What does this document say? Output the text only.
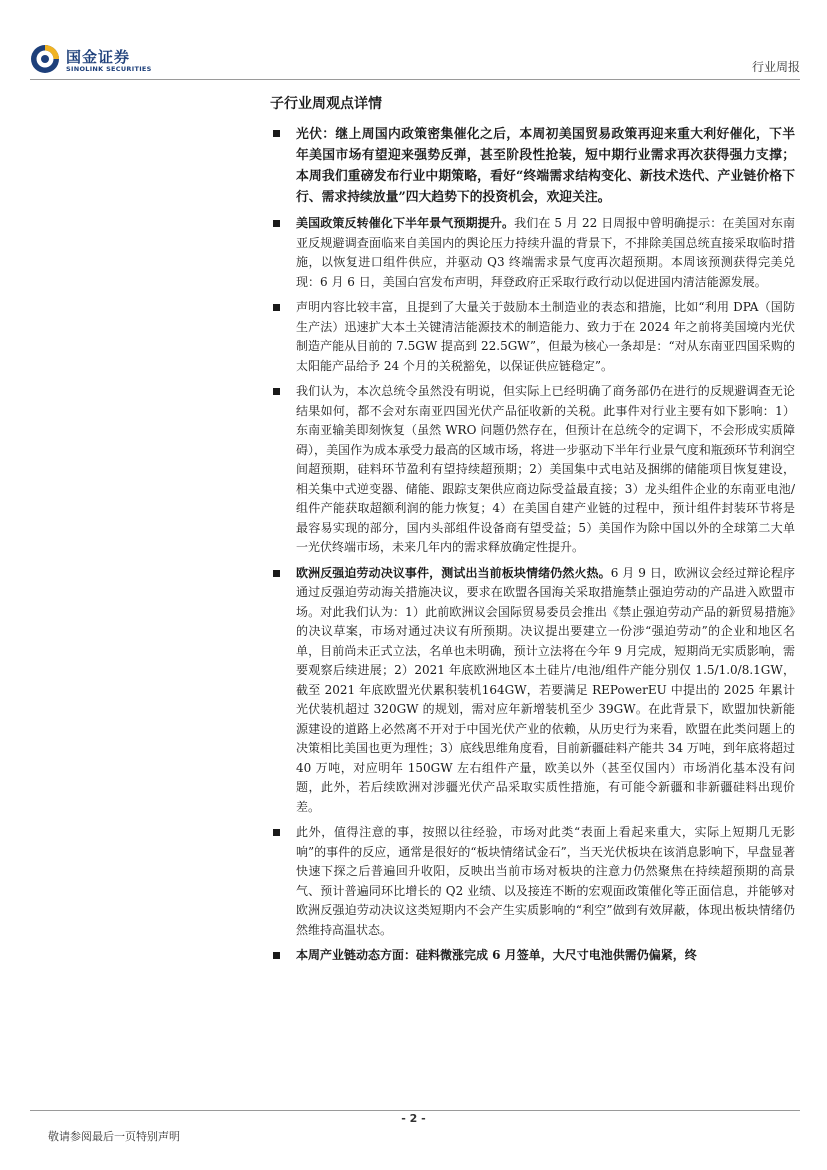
国金证券
SINOLINK SECURITIES	行业周报
子行业周观点详情
光伏：继上周国内政策密集催化之后，本周初美国贸易政策再迎来重大利好催化，下半年美国市场有望迎来强势反弹，甚至阶段性抢装，短中期行业需求再次获得强力支撑；本周我们重磅发布行业中期策略，看好“终端需求结构变化、新技术迭代、产业链价格下行、需求持续放量”四大趋势下的投资机会，欢迎关注。
美国政策反转催化下半年景气预期提升。我们在 5 月 22 日周报中曾明确提示：在美国对东南亚反规避调查面临来自美国内的舆论压力持续升温的背景下，不排除美国总统直接采取临时措施，以恢复进口组件供应，并驱动 Q3 终端需求景气度再次超预期。本周该预测获得完美兑现：6 月 6 日，美国白宫发布声明，拜登政府正采取行政行动以促进国内清洁能源发展。
声明内容比较丰富，且提到了大量关于鼓励本土制造业的表态和措施，比如“利用 DPA（国防生产法）迅速扩大本土关键清洁能源技术的制造能力、致力于在 2024 年之前将美国境内光伏制造产能从目前的 7.5GW 提高到 22.5GW”，但最为核心一条却是：“对从东南亚四国采购的太阳能产品给予 24 个月的关税豁免，以保证供应链稳定”。
我们认为，本次总统令虽然没有明说，但实际上已经明确了商务部仍在进行的反规避调查无论结果如何，都不会对东南亚四国光伏产品征收新的关税。此事件对行业主要有如下影响：1）东南亚输美即刻恢复（虽然 WRO 问题仍然存在，但预计在总统令的定调下，不会形成实质障碍），美国作为成本承受力最高的区域市场，将进一步驱动下半年行业景气度和瓶颈环节利润空间超预期，硅料环节盈利有望持续超预期；2）美国集中式电站及捆绑的储能项目恢复建设，相关集中式逆变器、储能、跟踪支架供应商边际受益最直接；3）龙头组件企业的东南亚电池/组件产能获取超额利润的能力恢复；4）在美国自建产业链的过程中，预计组件封装环节将是最容易实现的部分，国内头部组件设备商有望受益；5）美国作为除中国以外的全球第二大单一光伏终端市场，未来几年内的需求释放确定性提升。
欧洲反强迫劳动决议事件，测试出当前板块情绪仍然火热。6 月 9 日，欧洲议会经过辩论程序通过反强迫劳动海关措施决议，要求在欧盟各国海关采取措施禁止强迫劳动的产品进入欧盟市场。对此我们认为：1）此前欧洲议会国际贸易委员会推出《禁止强迫劳动产品的新贸易措施》的决议草案，市场对通过决议有所预期。决议提出要建立一份涉“强迫劳动”的企业和地区名单，目前尚未正式立法，名单也未明确，预计立法将在今年 9 月完成，短期尚无实质影响，需要观察后续进展；2）2021 年底欧洲地区本土硅片/电池/组件产能分别仅 1.5/1.0/8.1GW，截至 2021 年底欧盟光伏累积装机164GW，若要满足 REPowerEU 中提出的 2025 年累计光伏装机超过 320GW 的规划，需对应年新增装机至少 39GW。在此背景下，欧盟加快新能源建设的道路上必然离不开对于中国光伏产业的依赖，从历史行为来看，欧盟在此类问题上的决策相比美国也更为理性；3）底线思维角度看，目前新疆硅料产能共 34 万吨，到年底将超过 40 万吨，对应明年 150GW 左右组件产量，欧美以外（甚至仅国内）市场消化基本没有问题，此外，若后续欧洲对涉疆光伏产品采取实质性措施，有可能令新疆和非新疆硅料出现价差。
此外，值得注意的事，按照以往经验，市场对此类“表面上看起来重大，实际上短期几无影响”的事件的反应，通常是很好的“板块情绪试金石”，当天光伏板块在该消息影响下，早盘显著快速下探之后普遍回升收阳，反映出当前市场对板块的注意力仍然聚焦在持续超预期的高景气、预计普遍同环比增长的 Q2 业绩、以及接连不断的宏观面政策催化等正面信息，并能够对欧洲反强迫劳动决议这类短期内不会产生实质影响的“利空”做到有效屏蔽，体现出板块情绪仍然维持高温状态。
本周产业链动态方面：硅料微涨完成 6 月签单，大尺寸电池供需仍偏紧，终
- 2 -
敬请参阅最后一页特别声明
